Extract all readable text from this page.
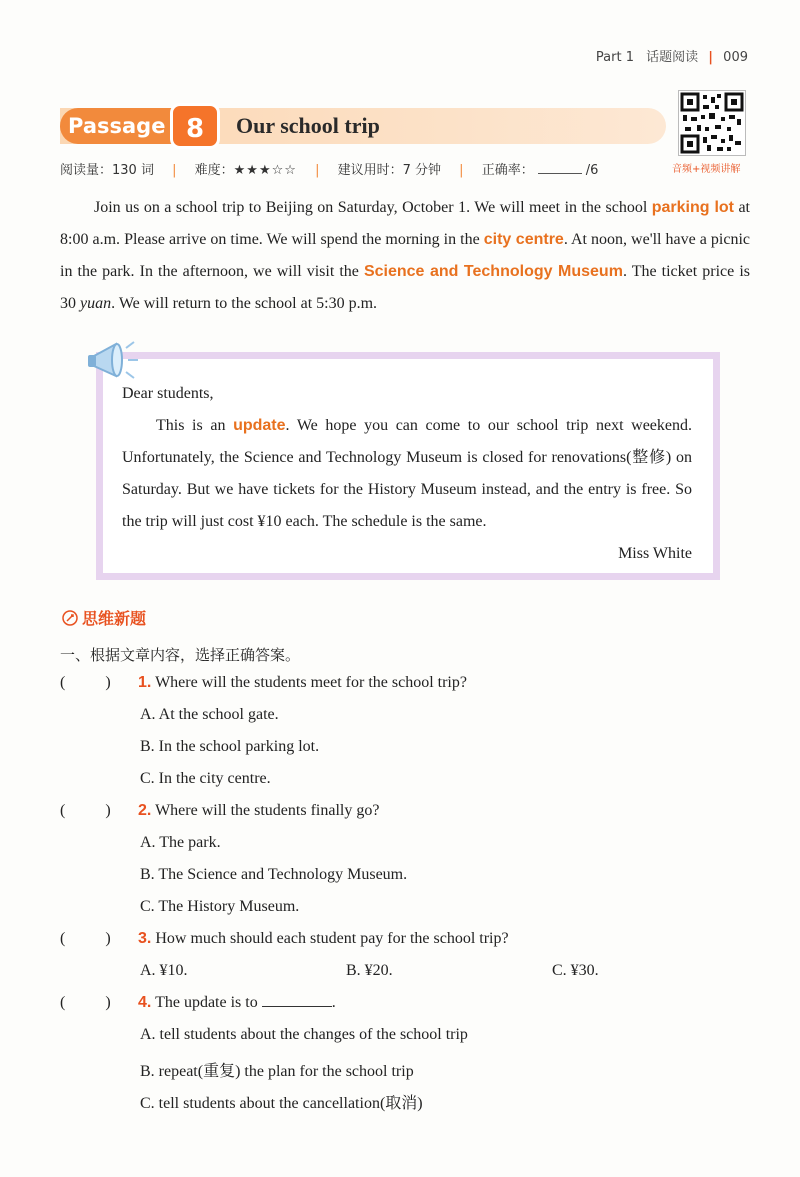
Part 1 话题阅读 | 009
Passage 8	Our school trip
音频+视频讲解
阅读量：130 词 | 难度：★★★☆☆ | 建议用时：7 分钟 | 正确率：	/6
Join us on a school trip to Beijing on Saturday, October 1. We will meet in the school parking lot at 8:00 a.m. Please arrive on time. We will spend the morning in the city centre. At noon, we'll have a picnic in the park. In the afternoon, we will visit the Science and Technology Museum. The ticket price is 30 yuan. We will return to the school at 5:30 p.m.
Dear students,
This is an update. We hope you can come to our school trip next weekend. Unfortunately, the Science and Technology Museum is closed for renovations(整修) on Saturday. But we have tickets for the History Museum instead, and the entry is free. So the trip will just cost ¥10 each. The schedule is the same.
Miss White
思维新题
一、根据文章内容，选择正确答案。
(	) 1. Where will the students meet for the school trip?
A. At the school gate.
B. In the school parking lot.
C. In the city centre.
(	) 2. Where will the students finally go?
A. The park.
B. The Science and Technology Museum.
C. The History Museum.
(	) 3. How much should each student pay for the school trip?
A. ¥10.	B. ¥20.	C. ¥30.
(	) 4. The update is to	.
A. tell students about the changes of the school trip
B. repeat(重复) the plan for the school trip
C. tell students about the cancellation(取消)
